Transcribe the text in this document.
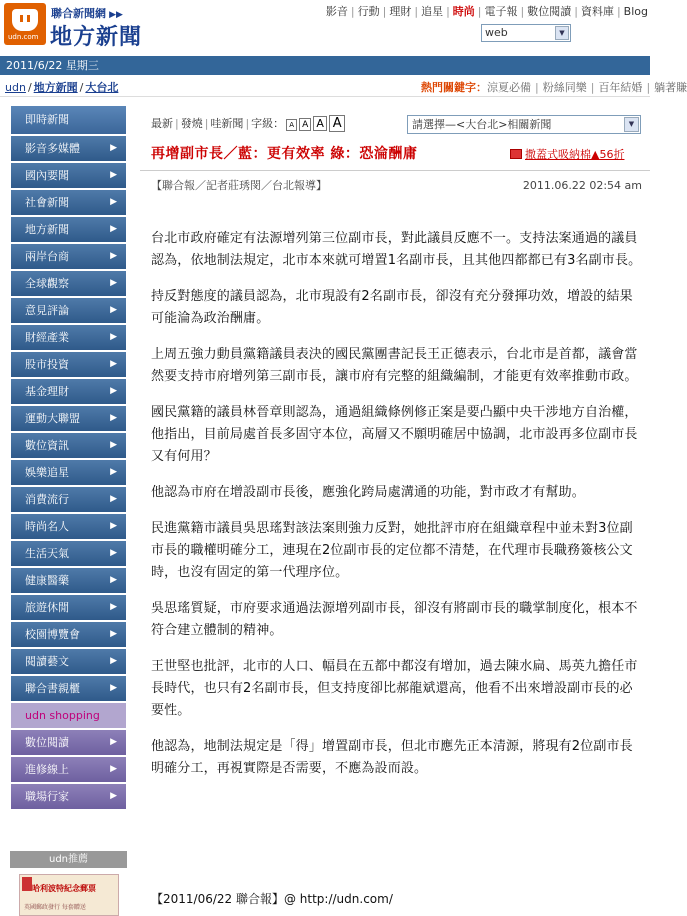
udn.com
聯合新聞網 ▶▶
地方新聞
影音 | 行動 | 理財 | 追星 | 時尚 | 電子報 | 數位閱讀 | 資料庫 | Blog
web	▼
2011/6/22 星期三
udn / 地方新聞 / 大台北	熱門關鍵字：涼夏必備 | 粉絲同樂 | 百年結婚 | 躺著賺
即時新聞
影音多媒體	▶
國內要聞	▶
社會新聞	▶
地方新聞	▶
兩岸台商	▶
全球觀察	▶
意見評論	▶
財經產業	▶
股市投資	▶
基金理財	▶
運動大聯盟	▶
數位資訊	▶
娛樂追星	▶
消費流行	▶
時尚名人	▶
生活天氣	▶
健康醫藥	▶
旅遊休閒	▶
校園博覽會	▶
閱讀藝文	▶
聯合書親櫃	▶
udn shopping
數位閱讀	▶
進修線上	▶
職場行家	▶
udn推薦
哈利波特紀念郵票
英國郵政發行 每套贈送
最新 | 發燒 | 哇新聞 | 字級： A A A A	請選擇—<大台北>相關新聞	▼
再增副市長／藍：更有效率 綠：恐淪酬庸	撒蓋式吸納棉▲56折
【聯合報／記者莊琇閔／台北報導】	2011.06.22 02:54 am

台北市政府確定有法源增列第三位副市長，對此議員反應不一。支持法案通過的議員認為，依地制法規定，北市本來就可增置1名副市長，且其他四都都已有3名副市長。

持反對態度的議員認為，北市現設有2名副市長，卻沒有充分發揮功效，增設的結果可能淪為政治酬庸。

上周五強力動員黨籍議員表決的國民黨團書記長王正德表示，台北市是首都，議會當然要支持市府增列第三副市長，讓市府有完整的組織編制，才能更有效率推動市政。

國民黨籍的議員林晉章則認為，通過組織條例修正案是要凸顯中央干涉地方自治權，他指出，目前局處首長多固守本位，高層又不願明確居中協調，北市設再多位副市長又有何用？

他認為市府在增設副市長後，應強化跨局處溝通的功能，對市政才有幫助。

民進黨籍市議員吳思瑤對該法案則強力反對，她批評市府在組織章程中並未對3位副市長的職權明確分工，連現在2位副市長的定位都不清楚，在代理市長職務簽核公文時，也沒有固定的第一代理序位。

吳思瑤質疑，市府要求通過法源增列副市長，卻沒有將副市長的職掌制度化，根本不符合建立體制的精神。

王世堅也批評，北市的人口、幅員在五都中都沒有增加，過去陳水扁、馬英九擔任市長時代，也只有2名副市長，但支持度卻比郝龍斌還高，他看不出來增設副市長的必要性。

他認為，地制法規定是「得」增置副市長，但北市應先正本清源，將現有2位副市長明確分工，再視實際是否需要，不應為設而設。

【2011/06/22 聯合報】@ http://udn.com/
